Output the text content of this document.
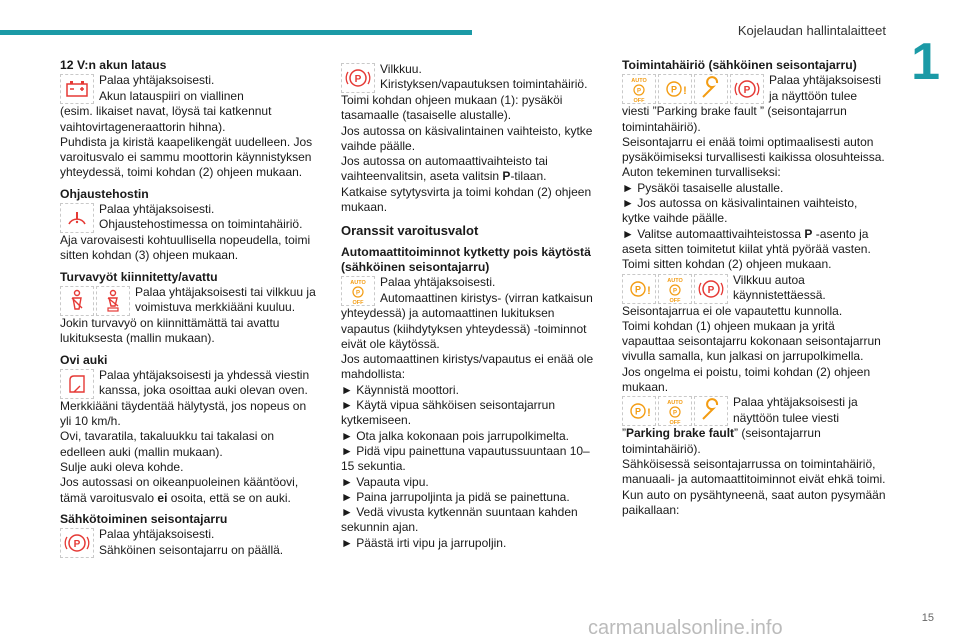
Kojelaudan hallintalaitteet
1
15
carmanualsonline.info
12 V:n akun lataus
Palaa yhtäjaksoisesti.
Akun latauspiiri on viallinen
(esim. likaiset navat, löysä tai katkennut vaihtovirtageneraattorin hihna).
Puhdista ja kiristä kaapelikengät uudelleen. Jos varoitusvalo ei sammu moottorin käynnistyksen yhteydessä, toimi kohdan (2) ohjeen mukaan.
Ohjaustehostin
Palaa yhtäjaksoisesti.
Ohjaustehostimessa on toimintahäiriö.
Aja varovaisesti kohtuullisella nopeudella, toimi sitten kohdan (3) ohjeen mukaan.
Turvavyöt kiinnitetty/avattu
Palaa yhtäjaksoisesti tai vilkkuu ja voimistuva merkkiääni kuuluu.
Jokin turvavyö on kiinnittämättä tai avattu lukituksesta (mallin mukaan).
Ovi auki
Palaa yhtäjaksoisesti ja yhdessä viestin kanssa, joka osoittaa auki olevan oven.
Merkkiääni täydentää hälytystä, jos nopeus on yli 10 km/h.
Ovi, tavaratila, takaluukku tai takalasi on edelleen auki (mallin mukaan).
Sulje auki oleva kohde.
Jos autossasi on oikeanpuoleinen kääntöovi, tämä varoitusvalo ei osoita, että se on auki.
Sähkötoiminen seisontajarru
P
Palaa yhtäjaksoisesti.
Sähköinen seisontajarru on päällä.
P
Vilkkuu.
Kiristyksen/vapautuksen toimintahäiriö.
Toimi kohdan ohjeen mukaan (1): pysäköi tasamaalle (tasaiselle alustalle).
Jos autossa on käsivalintainen vaihteisto, kytke vaihde päälle.
Jos autossa on automaattivaihteisto tai vaihteenvalitsin, aseta valitsin P-tilaan.
Katkaise sytytysvirta ja toimi kohdan (2) ohjeen mukaan.
Oranssit varoitusvalot
Automaattitoiminnot kytketty pois käytöstä (sähköinen seisontajarru)
AUTO
P
OFF
Palaa yhtäjaksoisesti.
Automaattinen kiristys- (virran katkaisun
yhteydessä) ja automaattinen lukituksen vapautus (kiihdytyksen yhteydessä) -toiminnot eivät ole käytössä.
Jos automaattinen kiristys/vapautus ei enää ole mahdollista:
► Käynnistä moottori.
► Käytä vipua sähköisen seisontajarrun kytkemiseen.
► Ota jalka kokonaan pois jarrupolkimelta.
► Pidä vipu painettuna vapautussuuntaan 10–15 sekuntia.
► Vapauta vipu.
► Paina jarrupoljinta ja pidä se painettuna.
► Vedä vivusta kytkennän suuntaan kahden sekunnin ajan.
► Päästä irti vipu ja jarrupoljin.
Toimintahäiriö (sähköinen seisontajarru)
AUTO
P
OFF
P !	P
Palaa yhtäjaksoisesti ja näyttöön tulee
viesti ”Parking brake fault ” (seisontajarrun toimintahäiriö).
Seisontajarru ei enää toimi optimaalisesti auton pysäköimiseksi turvallisesti kaikissa olosuhteissa.
Auton tekeminen turvalliseksi:
► Pysäköi tasaiselle alustalle.
► Jos autossa on käsivalintainen vaihteisto, kytke vaihde päälle.
► Valitse automaattivaihteistossa P -asento ja aseta sitten toimitetut kiilat yhtä pyörää vasten.
Toimi sitten kohdan (2) ohjeen mukaan.
P !
AUTO
P
OFF
P
Vilkkuu autoa käynnistettäessä.
Seisontajarrua ei ole vapautettu kunnolla.
Toimi kohdan (1) ohjeen mukaan ja yritä vapauttaa seisontajarru kokonaan seisontajarrun vivulla samalla, kun jalkasi on jarrupolkimella.
Jos ongelma ei poistu, toimi kohdan (2) ohjeen mukaan.
P !
AUTO
P
OFF
Palaa yhtäjaksoisesti ja näyttöön tulee viesti
”Parking brake fault” (seisontajarrun toimintahäiriö).
Sähköisessä seisontajarrussa on toimintahäiriö, manuaali- ja automaattitoiminnot eivät ehkä toimi.
Kun auto on pysähtyneenä, saat auton pysymään paikallaan:
